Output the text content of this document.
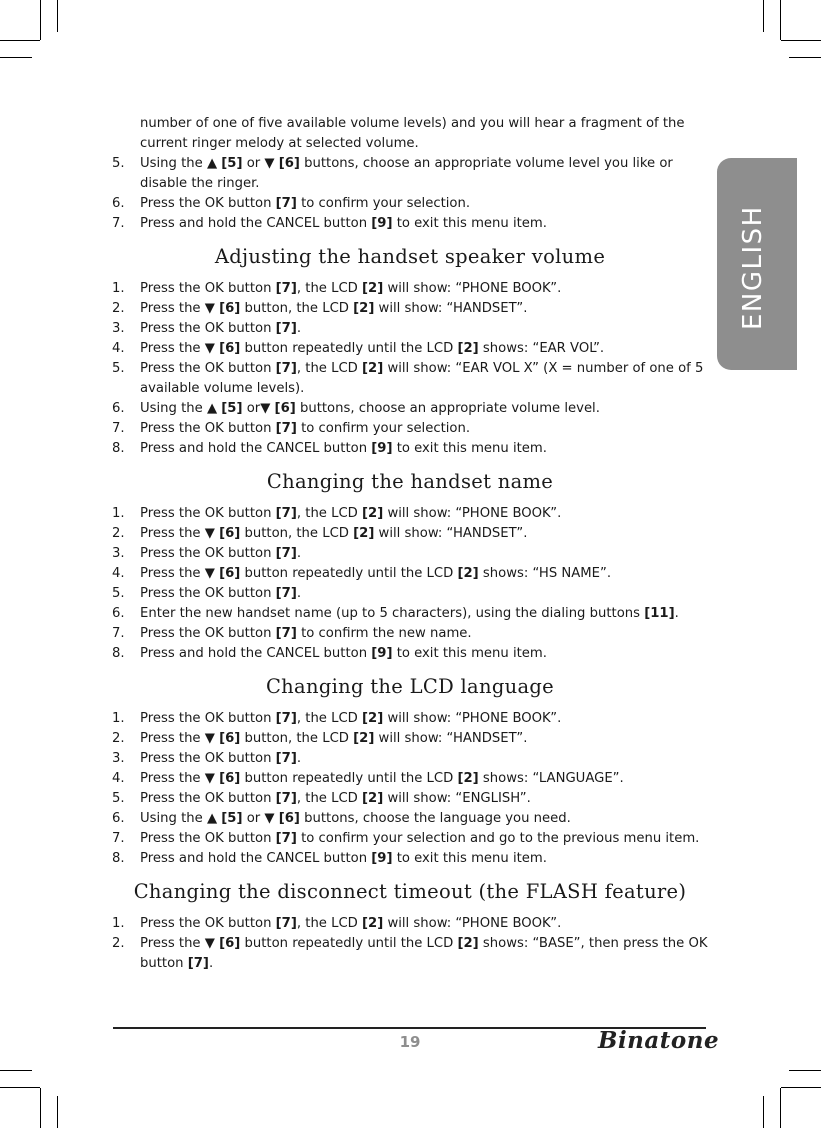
ENGLISH
number of one of five available volume levels) and you will hear a fragment of the current ringer melody at selected volume.
5.	Using the ▲ [5] or ▼ [6] buttons, choose an appropriate volume level you like or disable the ringer.
6.	Press the OK button [7] to confirm your selection.
7.	Press and hold the CANCEL button [9] to exit this menu item.
Adjusting the handset speaker volume
1.	Press the OK button [7], the LCD [2] will show: “PHONE BOOK”.
2.	Press the ▼ [6] button, the LCD [2] will show: “HANDSET”.
3.	Press the OK button [7].
4.	Press the ▼ [6] button repeatedly until the LCD [2] shows: “EAR VOL”.
5.	Press the OK button [7], the LCD [2] will show: “EAR VOL X” (X = number of one of 5 available volume levels).
6.	Using the ▲ [5] or▼ [6] buttons, choose an appropriate volume level.
7.	Press the OK button [7] to confirm your selection.
8.	Press and hold the CANCEL button [9] to exit this menu item.
Changing the handset name
1.	Press the OK button [7], the LCD [2] will show: “PHONE BOOK”.
2.	Press the ▼ [6] button, the LCD [2] will show: “HANDSET”.
3.	Press the OK button [7].
4.	Press the ▼ [6] button repeatedly until the LCD [2] shows: “HS NAME”.
5.	Press the OK button [7].
6.	Enter the new handset name (up to 5 characters), using the dialing buttons [11].
7.	Press the OK button [7] to confirm the new name.
8.	Press and hold the CANCEL button [9] to exit this menu item.
Changing the LCD language
1.	Press the OK button [7], the LCD [2] will show: “PHONE BOOK”.
2.	Press the ▼ [6] button, the LCD [2] will show: “HANDSET”.
3.	Press the OK button [7].
4.	Press the ▼ [6] button repeatedly until the LCD [2] shows: “LANGUAGE”.
5.	Press the OK button [7], the LCD [2] will show: “ENGLISH”.
6.	Using the ▲ [5] or ▼ [6] buttons, choose the language you need.
7.	Press the OK button [7] to confirm your selection and go to the previous menu item.
8.	Press and hold the CANCEL button [9] to exit this menu item.
Changing the disconnect timeout (the FLASH feature)
1.	Press the OK button [7], the LCD [2] will show: “PHONE BOOK”.
2.	Press the ▼ [6] button repeatedly until the LCD [2] shows: “BASE”, then press the OK button [7].
19	Binatone
